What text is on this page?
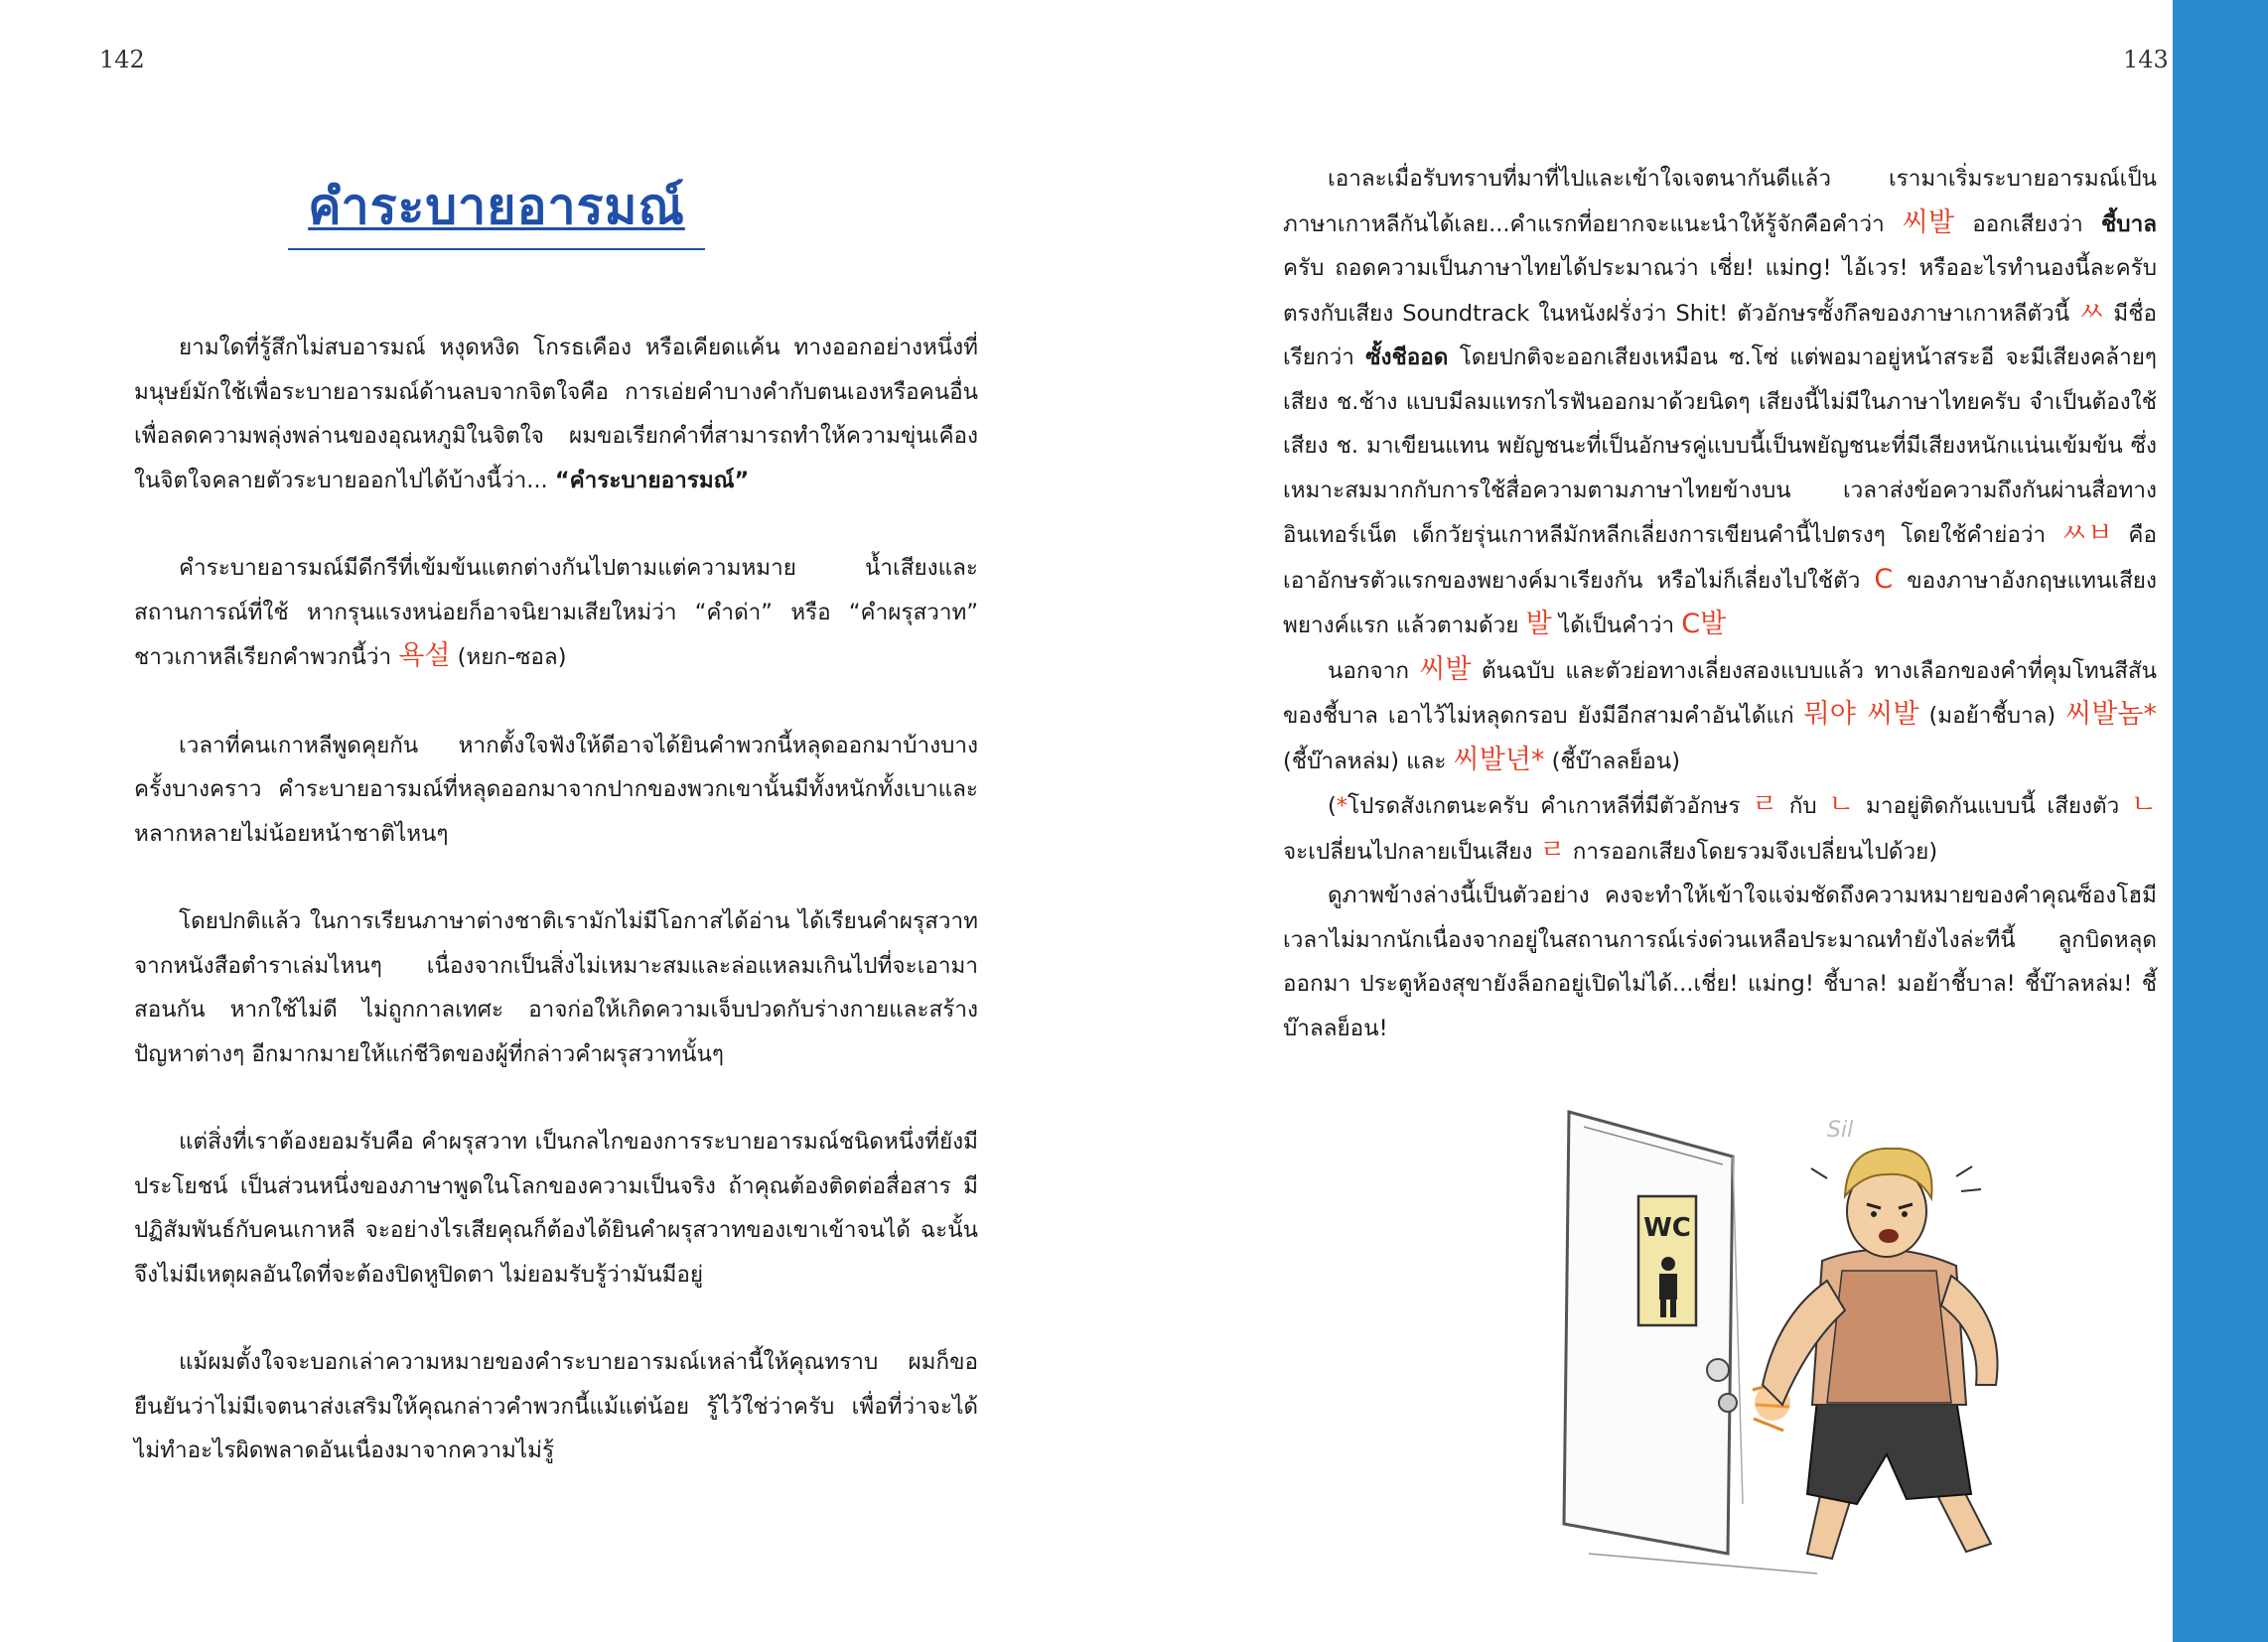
142
คำระบายอารมณ์

ยามใดที่รู้สึกไม่สบอารมณ์ หงุดหงิด โกรธเคือง หรือเคียดแค้น ทางออกอย่างหนึ่งที่มนุษย์มักใช้เพื่อระบายอารมณ์ด้านลบจากจิตใจคือ การเอ่ยคำบางคำกับตนเองหรือคนอื่น เพื่อลดความพลุ่งพล่านของอุณหภูมิในจิตใจ ผมขอเรียกคำที่สามารถทำให้ความขุ่นเคืองในจิตใจคลายตัวระบายออกไปได้บ้างนี้ว่า... “คำระบายอารมณ์”

คำระบายอารมณ์มีดีกรีที่เข้มข้นแตกต่างกันไปตามแต่ความหมาย น้ำเสียงและสถานการณ์ที่ใช้ หากรุนแรงหน่อยก็อาจนิยามเสียใหม่ว่า “คำด่า” หรือ “คำผรุสวาท” ชาวเกาหลีเรียกคำพวกนี้ว่า 욕설 (หยก-ซอล)

เวลาที่คนเกาหลีพูดคุยกัน หากตั้งใจฟังให้ดีอาจได้ยินคำพวกนี้หลุดออกมาบ้างบางครั้งบางคราว คำระบายอารมณ์ที่หลุดออกมาจากปากของพวกเขานั้นมีทั้งหนักทั้งเบาและหลากหลายไม่น้อยหน้าชาติไหนๆ

โดยปกติแล้ว ในการเรียนภาษาต่างชาติเรามักไม่มีโอกาสได้อ่าน ได้เรียนคำผรุสวาทจากหนังสือตำราเล่มไหนๆ เนื่องจากเป็นสิ่งไม่เหมาะสมและล่อแหลมเกินไปที่จะเอามาสอนกัน หากใช้ไม่ดี ไม่ถูกกาลเทศะ อาจก่อให้เกิดความเจ็บปวดกับร่างกายและสร้างปัญหาต่างๆ อีกมากมายให้แก่ชีวิตของผู้ที่กล่าวคำผรุสวาทนั้นๆ

แต่สิ่งที่เราต้องยอมรับคือ คำผรุสวาท เป็นกลไกของการระบายอารมณ์ชนิดหนึ่งที่ยังมีประโยชน์ เป็นส่วนหนึ่งของภาษาพูดในโลกของความเป็นจริง ถ้าคุณต้องติดต่อสื่อสาร มีปฏิสัมพันธ์กับคนเกาหลี จะอย่างไรเสียคุณก็ต้องได้ยินคำผรุสวาทของเขาเข้าจนได้ ฉะนั้นจึงไม่มีเหตุผลอันใดที่จะต้องปิดหูปิดตา ไม่ยอมรับรู้ว่ามันมีอยู่

แม้ผมตั้งใจจะบอกเล่าความหมายของคำระบายอารมณ์เหล่านี้ให้คุณทราบ ผมก็ขอยืนยันว่าไม่มีเจตนาส่งเสริมให้คุณกล่าวคำพวกนี้แม้แต่น้อย รู้ไว้ใช่ว่าครับ เพื่อที่ว่าจะได้ไม่ทำอะไรผิดพลาดอันเนื่องมาจากความไม่รู้

143

เอาละเมื่อรับทราบที่มาที่ไปและเข้าใจเจตนากันดีแล้ว เรามาเริ่มระบายอารมณ์เป็นภาษาเกาหลีกันได้เลย...คำแรกที่อยากจะแนะนำให้รู้จักคือคำว่า 씨발 ออกเสียงว่า ชี้บาล ครับ ถอดความเป็นภาษาไทยได้ประมาณว่า เชี่ย! แม่ng! ไอ้เวร! หรืออะไรทำนองนี้ละครับ ตรงกับเสียง Soundtrack ในหนังฝรั่งว่า Shit! ตัวอักษรซั้งกึลของภาษาเกาหลีตัวนี้ ㅆ มีชื่อเรียกว่า ซั้งชีออด โดยปกติจะออกเสียงเหมือน ซ.โซ่ แต่พอมาอยู่หน้าสระอี จะมีเสียงคล้ายๆ เสียง ช.ช้าง แบบมีลมแทรกไรฟันออกมาด้วยนิดๆ เสียงนี้ไม่มีในภาษาไทยครับ จำเป็นต้องใช้เสียง ช. มาเขียนแทน พยัญชนะที่เป็นอักษรคู่แบบนี้เป็นพยัญชนะที่มีเสียงหนักแน่นเข้มข้น ซึ่งเหมาะสมมากกับการใช้สื่อความตามภาษาไทยข้างบน เวลาส่งข้อความถึงกันผ่านสื่อทางอินเทอร์เน็ต เด็กวัยรุ่นเกาหลีมักหลีกเลี่ยงการเขียนคำนี้ไปตรงๆ โดยใช้คำย่อว่า ㅆㅂ คือเอาอักษรตัวแรกของพยางค์มาเรียงกัน หรือไม่ก็เลี่ยงไปใช้ตัว C ของภาษาอังกฤษแทนเสียงพยางค์แรก แล้วตามด้วย 발 ได้เป็นคำว่า C발

นอกจาก 씨발 ต้นฉบับ และตัวย่อทางเลี่ยงสองแบบแล้ว ทางเลือกของคำที่คุมโทนสีสันของชี้บาล เอาไว้ไม่หลุดกรอบ ยังมีอีกสามคำอันได้แก่ 뭐야 씨발 (มอย้าชี้บาล) 씨발놈* (ชี้บ๊าลหล่ม) และ 씨발년* (ชี้บ๊าลลย็อน)

(*โปรดสังเกตนะครับ คำเกาหลีที่มีตัวอักษร ㄹ กับ ㄴ มาอยู่ติดกันแบบนี้ เสียงตัว ㄴ จะเปลี่ยนไปกลายเป็นเสียง ㄹ การออกเสียงโดยรวมจึงเปลี่ยนไปด้วย)

ดูภาพข้างล่างนี้เป็นตัวอย่าง คงจะทำให้เข้าใจแจ่มชัดถึงความหมายของคำคุณซ็องโฮมีเวลาไม่มากนักเนื่องจากอยู่ในสถานการณ์เร่งด่วนเหลือประมาณทำยังไงล่ะทีนี้ ลูกบิดหลุดออกมา ประตูห้องสุขายังล็อกอยู่เปิดไม่ได้...เชี่ย! แม่ng! ชี้บาล! มอย้าชี้บาล! ชี้บ๊าลหล่ม! ชี้บ๊าลลย็อน!

WC
Sil
